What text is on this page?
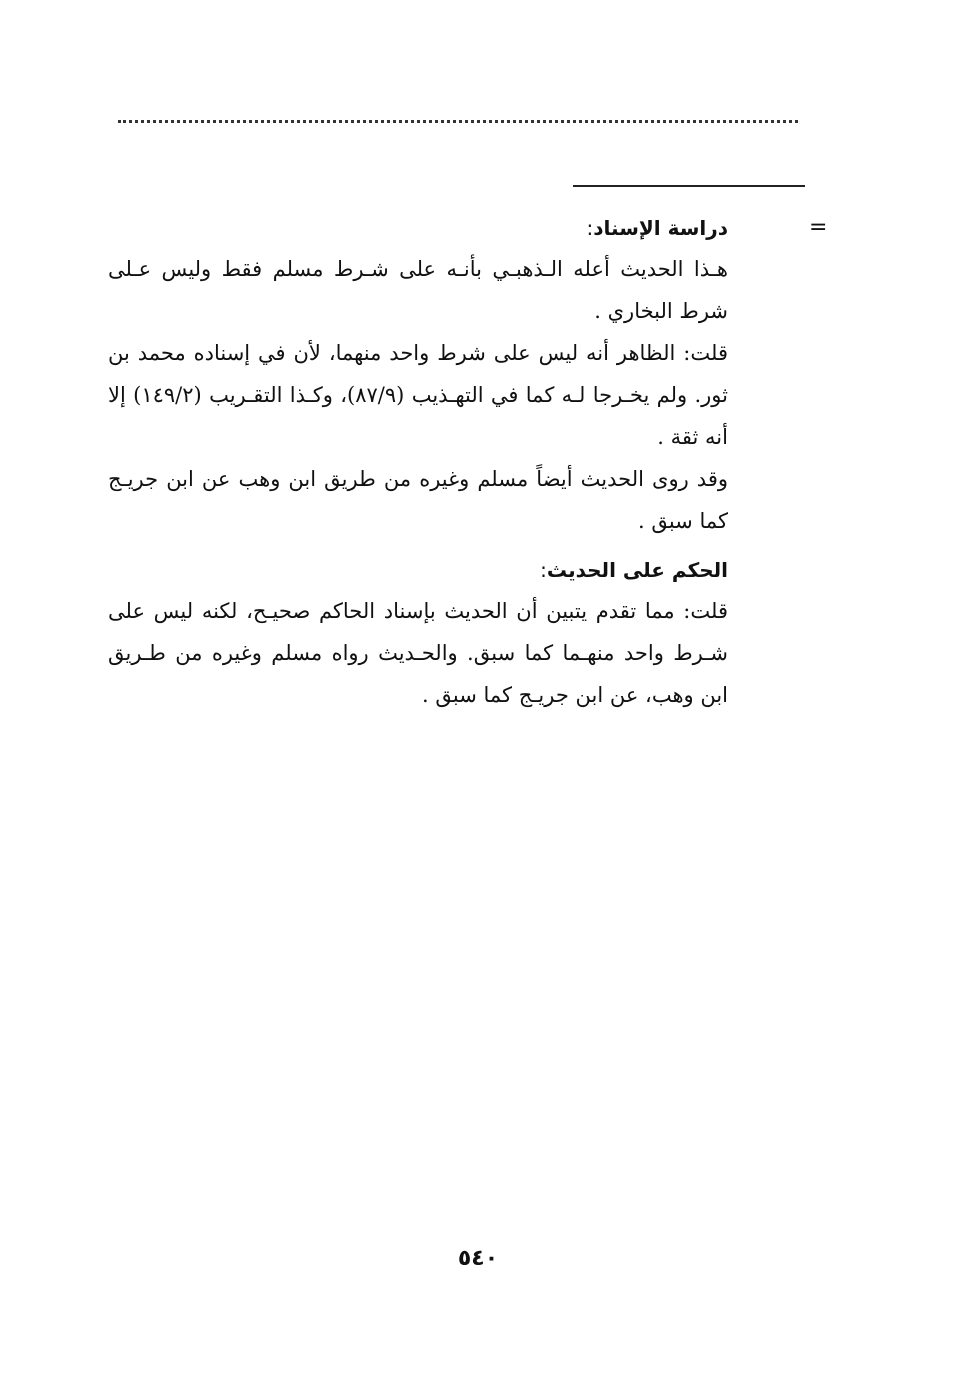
=

دراسة الإسناد:

هـذا الحديث أعله الـذهبـي بأنـه على شـرط مسلم فقط وليس عـلى شرط البخاري .

قلت: الظاهر أنه ليس على شرط واحد منهما، لأن في إسناده محمد بن ثور. ولم يخـرجا لـه كما في التهـذيب (٨٧/٩)، وكـذا التقـريب (١٤٩/٢) إلا أنه ثقة .

وقد روى الحديث أيضاً مسلم وغيره من طريق ابن وهب عن ابن جريـج كما سبق .

الحكم على الحديث:

قلت: مما تقدم يتبين أن الحديث بإسناد الحاكم صحيـح، لكنه ليس على شـرط واحد منهـما كما سبق. والحـديث رواه مسلم وغيره من طـريق ابن وهب، عن ابن جريـج كما سبق .

٥٤٠
